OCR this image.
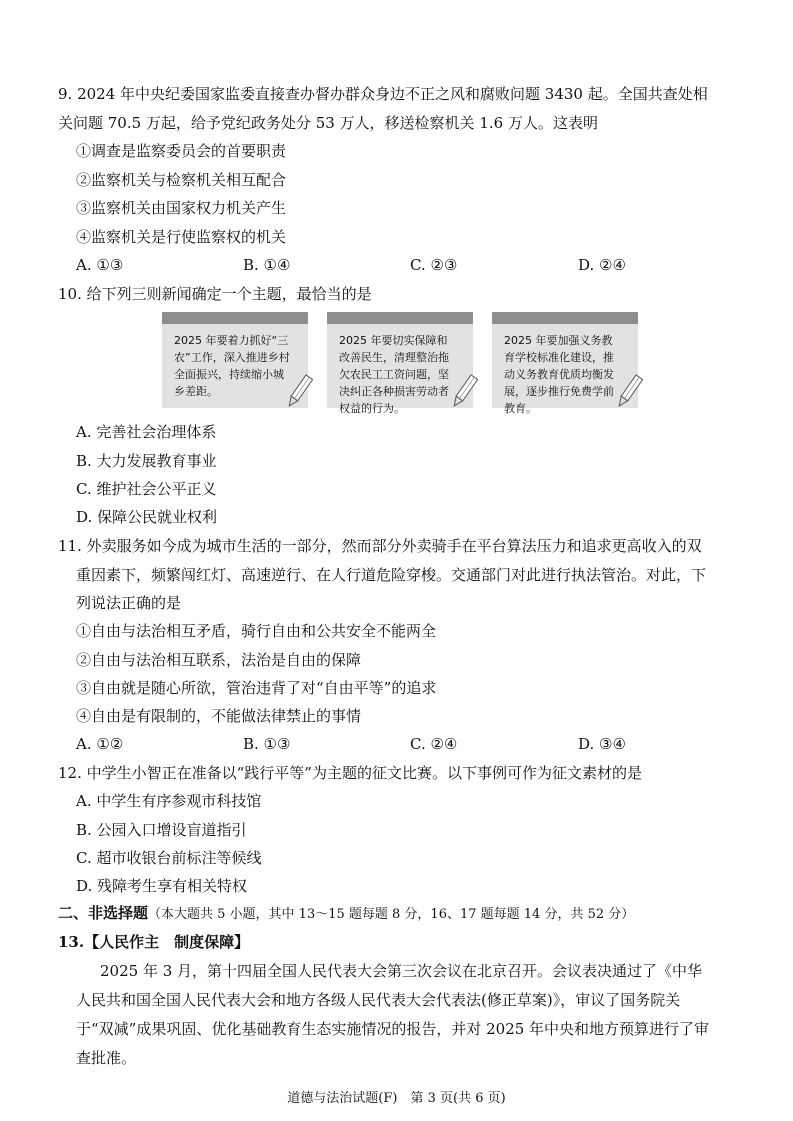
9. 2024 年中央纪委国家监委直接查办督办群众身边不正之风和腐败问题 3430 起。全国共查处相
关问题 70.5 万起，给予党纪政务处分 53 万人，移送检察机关 1.6 万人。这表明
①调查是监察委员会的首要职责
②监察机关与检察机关相互配合
③监察机关由国家权力机关产生
④监察机关是行使监察权的机关
A. ①③	B. ①④	C. ②③	D. ②④
10. 给下列三则新闻确定一个主题，最恰当的是
2025 年要着力抓好“三农”工作，深入推进乡村全面振兴，持续缩小城乡差距。
2025 年要切实保障和改善民生，清理整治拖欠农民工工资问题，坚决纠正各种损害劳动者权益的行为。
2025 年要加强义务教育学校标准化建设，推动义务教育优质均衡发展，逐步推行免费学前教育。
A. 完善社会治理体系
B. 大力发展教育事业
C. 维护社会公平正义
D. 保障公民就业权利
11. 外卖服务如今成为城市生活的一部分，然而部分外卖骑手在平台算法压力和追求更高收入的双
重因素下，频繁闯红灯、高速逆行、在人行道危险穿梭。交通部门对此进行执法管治。对此，下
列说法正确的是
①自由与法治相互矛盾，骑行自由和公共安全不能两全
②自由与法治相互联系，法治是自由的保障
③自由就是随心所欲，管治违背了对“自由平等”的追求
④自由是有限制的，不能做法律禁止的事情
A. ①②	B. ①③	C. ②④	D. ③④
12. 中学生小智正在准备以“践行平等”为主题的征文比赛。以下事例可作为征文素材的是
A. 中学生有序参观市科技馆
B. 公园入口增设盲道指引
C. 超市收银台前标注等候线
D. 残障考生享有相关特权
二、非选择题（本大题共 5 小题，其中 13～15 题每题 8 分，16、17 题每题 14 分，共 52 分）
13.【人民作主　制度保障】
2025 年 3 月，第十四届全国人民代表大会第三次会议在北京召开。会议表决通过了《中华
人民共和国全国人民代表大会和地方各级人民代表大会代表法(修正草案)》，审议了国务院关
于“双减”成果巩固、优化基础教育生态实施情况的报告，并对 2025 年中央和地方预算进行了审
查批准。
道德与法治试题(F)　第 3 页(共 6 页)
